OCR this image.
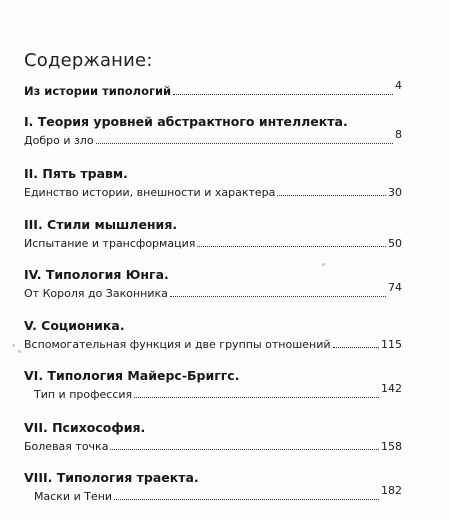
Содержание:
Из истории типологий	4
I. Теория уровней абстрактного интеллекта.
Добро и зло	8
II. Пять травм.
Единство истории, внешности и характера	30
III. Стили мышления.
Испытание и трансформация	50
IV. Типология Юнга.
От Короля до Законника	74
V. Соционика.
Вспомогательная функция и две группы отношений	115
VI. Типология Майерс-Бриггс.
Тип и профессия	142
VII. Психософия.
Болевая точка	158
VIII. Типология траекта.
Маски и Тени	182
